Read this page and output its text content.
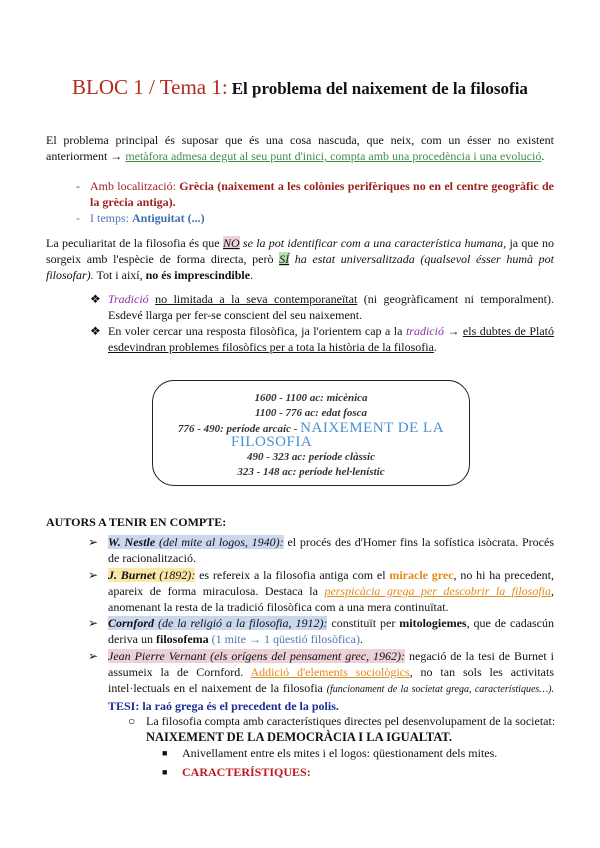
BLOC 1 / Tema 1: El problema del naixement de la filosofia
El problema principal és suposar que és una cosa nascuda, que neix, com un ésser no existent anteriorment → metàfora admesa degut al seu punt d'inici, compta amb una procedència i una evolució.
- Amb localització: Grècia (naixement a les colònies perifèriques no en el centre geogràfic de la grècia antiga).
- I temps: Antiguitat (...)
La peculiaritat de la filosofia és que NO se la pot identificar com a una característica humana, ja que no sorgeix amb l'espècie de forma directa, però SÍ ha estat universalitzada (qualsevol ésser humà pot filosofar). Tot i així, no és imprescindible.
❖ Tradició no limitada a la seva contemporaneïtat (ni geogràficament ni temporalment). Esdevé llarga per fer-se conscient del seu naixement.
❖ En voler cercar una resposta filosòfica, ja l'orientem cap a la tradició → els dubtes de Plató esdevindran problemes filosòfics per a tota la història de la filosofia.
1600 - 1100 ac: micènica
1100 - 776 ac: edat fosca
776 - 490: període arcaic - NAIXEMENT DE LA
FILOSOFIA
490 - 323 ac: període clàssic
323 - 148 ac: període hel·lenístic
AUTORS A TENIR EN COMPTE:
➢ W. Nestle (del mite al logos, 1940): el procés des d'Homer fins la sofística isòcrata. Procés de racionalització.
➢ J. Burnet (1892): es refereix a la filosofia antiga com el miracle grec, no hi ha precedent, apareix de forma miraculosa. Destaca la perspicàcia grega per descobrir la filosofia, anomenant la resta de la tradició filosòfica com a una mera continuïtat.
➢ Cornford (de la religió a la filosofia, 1912): constituït per mitologiemes, que de cadascún deriva un filosofema (1 mite → 1 qüestió filosòfica).
➢ Jean Pierre Vernant (els orígens del pensament grec, 1962): negació de la tesi de Burnet i assumeix la de Cornford. Addició d'elements sociològics, no tan sols les activitats intel·lectuals en el naixement de la filosofia (funcionament de la societat grega, característiques…). TESI: la raó grega és el precedent de la polis.
○ La filosofia compta amb característiques directes pel desenvolupament de la societat:
NAIXEMENT DE LA DEMOCRÀCIA I LA IGUALTAT.
■ Anivellament entre els mites i el logos: qüestionament dels mites.
■ CARACTERÍSTIQUES:
